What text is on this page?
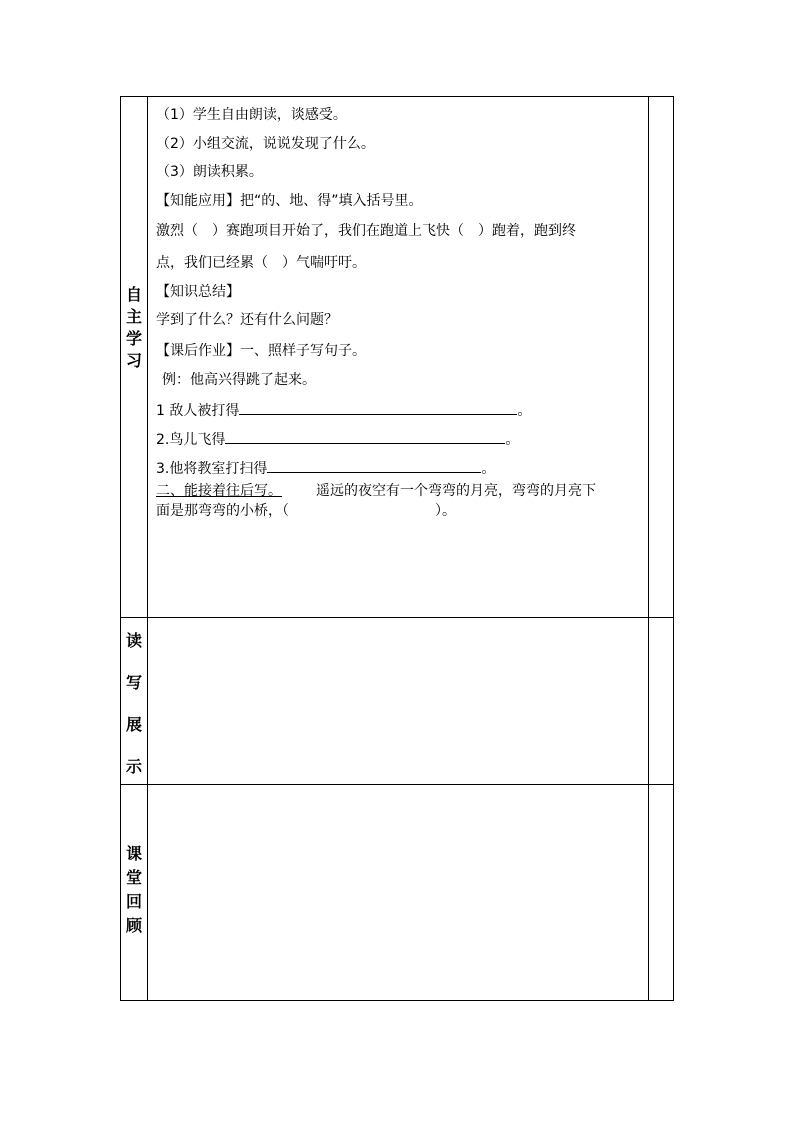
自
主
学
习
（1）学生自由朗读，谈感受。
（2）小组交流，说说发现了什么。
（3）朗读积累。
【知能应用】把“的、地、得”填入括号里。
激烈（　）赛跑项目开始了，我们在跑道上飞快（　）跑着，跑到终
点，我们已经累（　）气喘吁吁。
【知识总结】
学到了什么？还有什么问题？
【课后作业】一、照样子写句子。
例：他高兴得跳了起来。
1 敌人被打得	。
2.鸟儿飞得	。
3.他将教室打扫得	。
二、能接着往后写。 遥远的夜空有一个弯弯的月亮，弯弯的月亮下
面是那弯弯的小桥，（	）。
读
写
展
示
课
堂
回
顾
